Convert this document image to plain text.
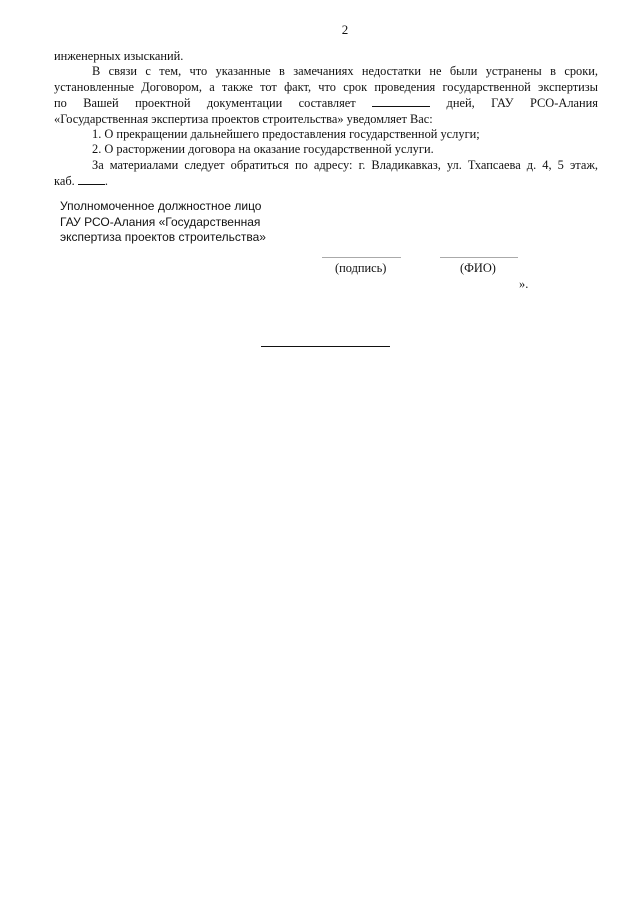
2
инженерных изысканий.
В связи с тем, что указанные в замечаниях недостатки не были устранены в сроки,
установленные Договором, а также тот факт, что срок проведения государственной экспертизы
по Вашей проектной документации составляет	дней, ГАУ РСО-Алания
«Государственная экспертиза проектов строительства» уведомляет Вас:
1. О прекращении дальнейшего предоставления государственной услуги;
2. О расторжении договора на оказание государственной услуги.
За материалами следует обратиться по адресу: г. Владикавказ, ул. Тхапсаева д. 4, 5 этаж,
каб. .
Уполномоченное должностное лицо
ГАУ РСО-Алания «Государственная
экспертиза проектов строительства»
(подпись)	(ФИО)
».
